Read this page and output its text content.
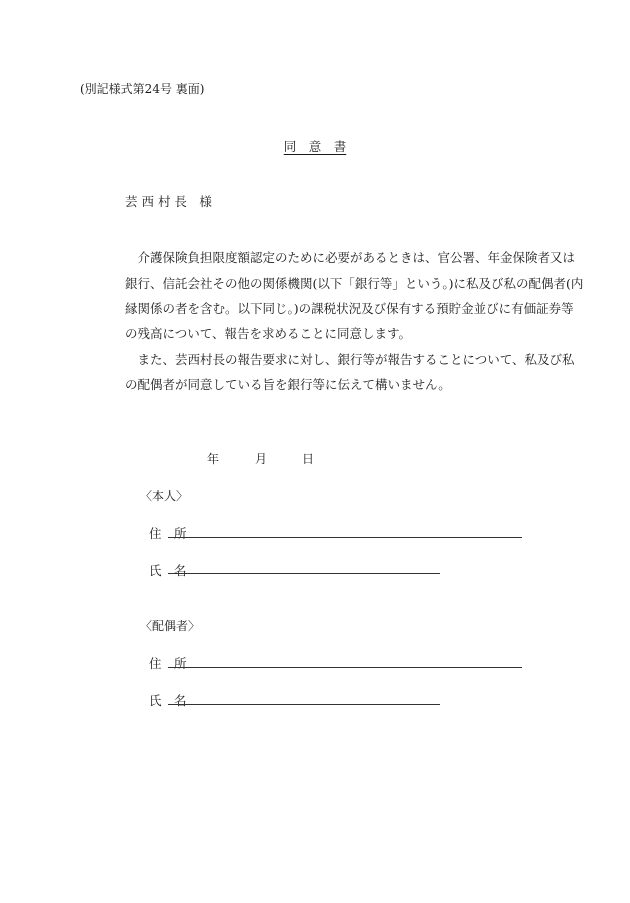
(別記様式第24号 裏面)
同　意　書
芸 西 村 長　様
　介護保険負担限度額認定のために必要があるときは、官公署、年金保険者又は
銀行、信託会社その他の関係機関(以下「銀行等」という。)に私及び私の配偶者(内
縁関係の者を含む。以下同じ。)の課税状況及び保有する預貯金並びに有価証券等
の残高について、報告を求めることに同意します。
　また、芸西村長の報告要求に対し、銀行等が報告することについて、私及び私
の配偶者が同意している旨を銀行等に伝えて構いません。
年	月	日
〈本人〉
住　所
氏　名
〈配偶者〉
住　所
氏　名
